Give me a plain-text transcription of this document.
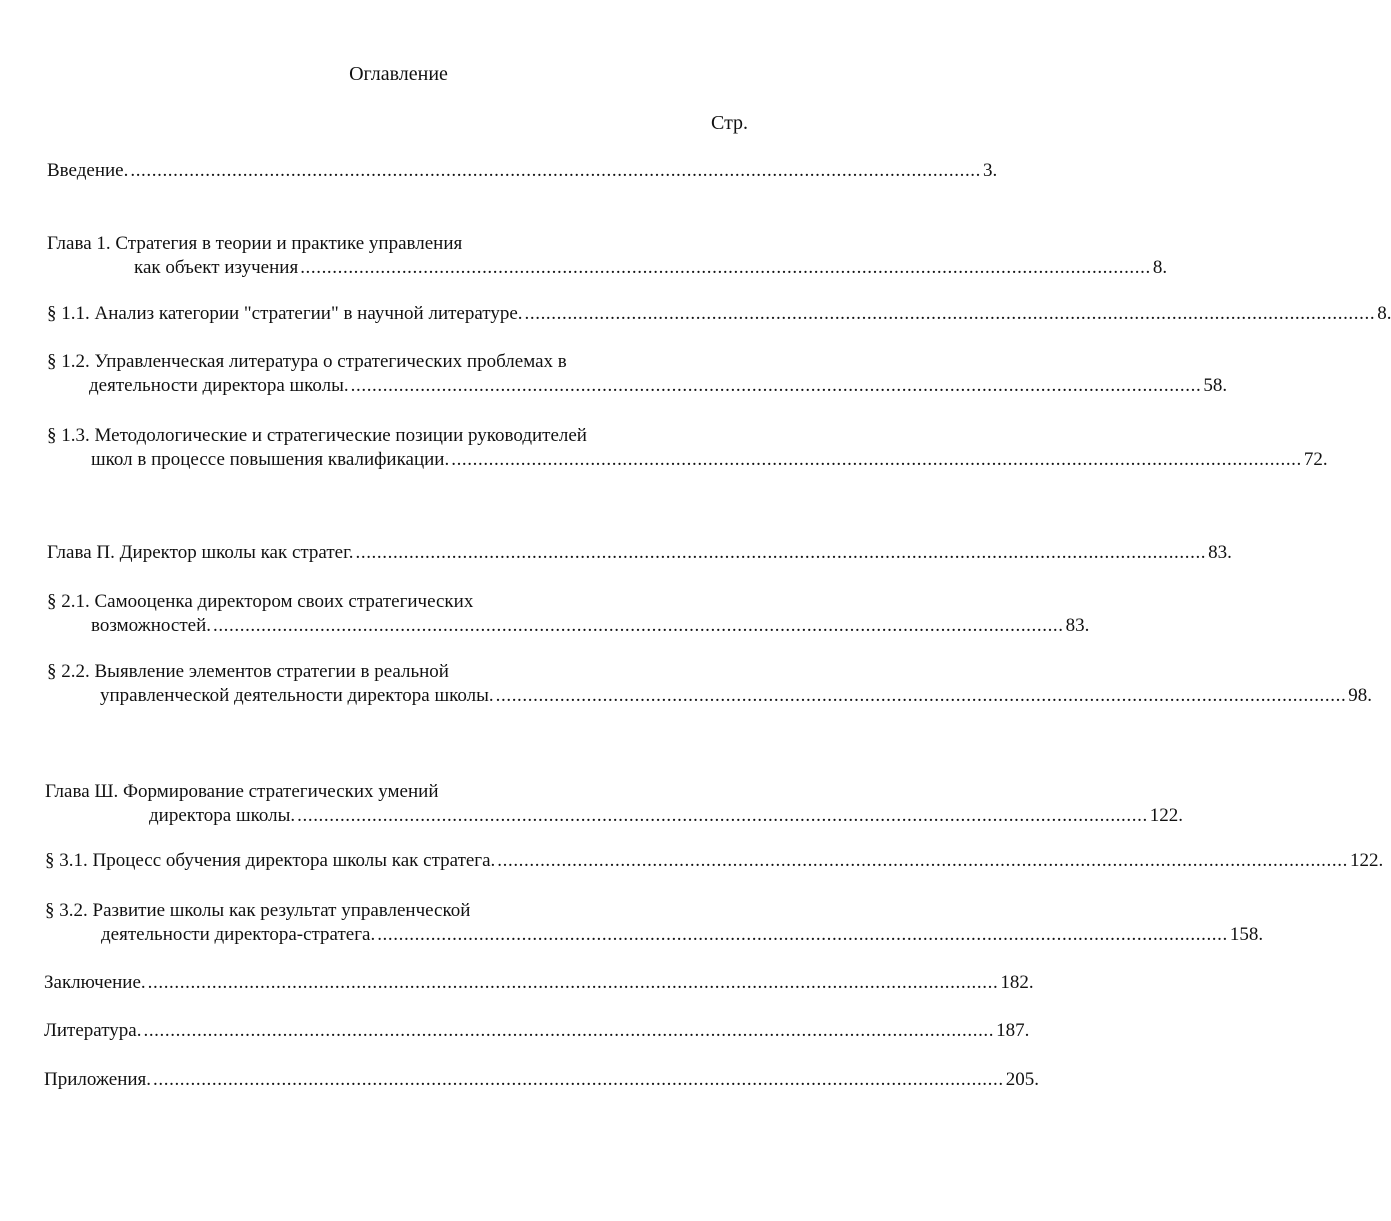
Оглавление
Стр.
Введение. ............................................................................................................................................................... 3.
Глава 1. Стратегия в теории и практике управления
как объект изучения ............................................................................................................................................................... 8.
§ 1.1. Анализ категории "стратегии" в научной литературе. ............................................................................................................................................................... 8.
§ 1.2. Управленческая литература о стратегических проблемах в
деятельности директора школы. ............................................................................................................................................................... 58.
§ 1.3. Методологические и стратегические позиции руководителей
школ в процессе повышения квалификации. ............................................................................................................................................................... 72.
Глава П. Директор школы как стратег. ............................................................................................................................................................... 83.
§ 2.1. Самооценка директором своих стратегических
возможностей. ............................................................................................................................................................... 83.
§ 2.2. Выявление элементов стратегии в реальной
управленческой деятельности директора школы. ............................................................................................................................................................... 98.
Глава Ш. Формирование стратегических умений
директора школы. ............................................................................................................................................................... 122.
§ 3.1. Процесс обучения директора школы как стратега. ............................................................................................................................................................... 122.
§ 3.2. Развитие школы как результат управленческой
деятельности директора-стратега. ............................................................................................................................................................... 158.
Заключение. ............................................................................................................................................................... 182.
Литература. ............................................................................................................................................................... 187.
Приложения. ............................................................................................................................................................... 205.
